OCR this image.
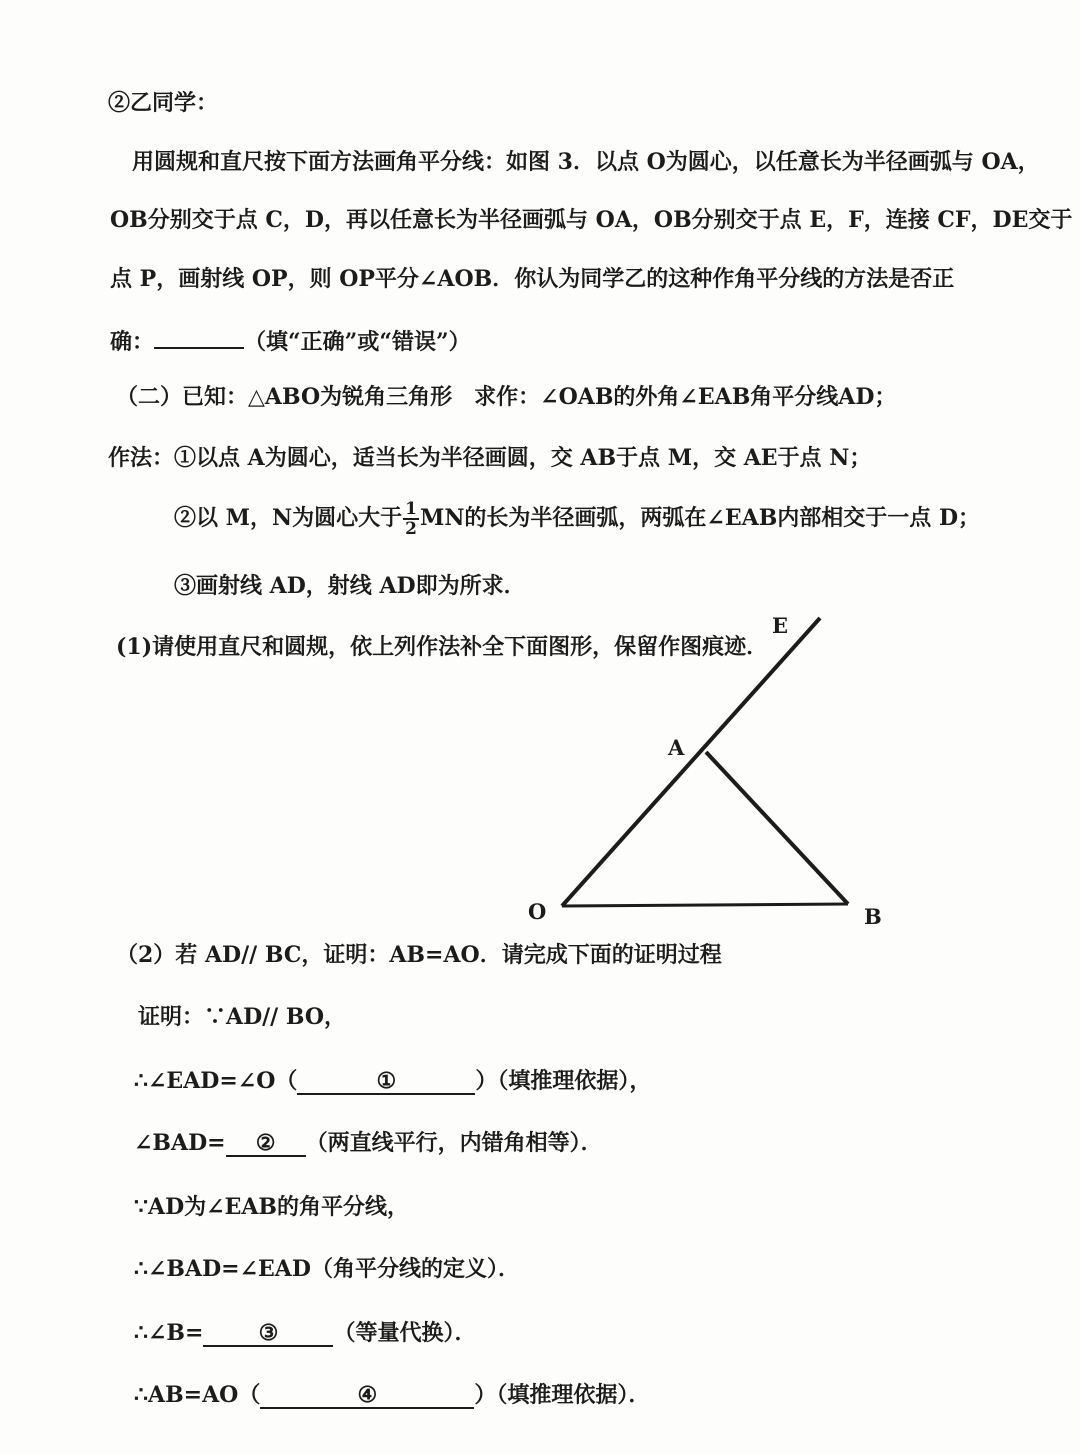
②乙同学：
用圆规和直尺按下面方法画角平分线：如图 3．以点 O为圆心，以任意长为半径画弧与 OA，
OB分别交于点 C，D，再以任意长为半径画弧与 OA，OB分别交于点 E，F，连接 CF，DE交于
点 P，画射线 OP，则 OP平分∠AOB．你认为同学乙的这种作角平分线的方法是否正
确：	（填“正确”或“错误”）
（二）已知：△ABO为锐角三角形　求作：∠OAB的外角∠EAB角平分线AD；
作法：①以点 A为圆心，适当长为半径画圆，交 AB于点 M，交 AE于点 N；
②以 M，N为圆心大于 $\frac{1}{2}$ MN的长为半径画弧，两弧在∠EAB内部相交于一点 D；
③画射线 AD，射线 AD即为所求．
(1)请使用直尺和圆规，依上列作法补全下面图形，保留作图痕迹．
E
A
O	B
（2）若 AD// BC，证明：AB=AO．请完成下面的证明过程
证明：∵AD// BO，
∴∠EAD=∠O（	①	）（填推理依据），
∠BAD= ② （两直线平行，内错角相等）．
∵AD为∠EAB的角平分线，
∴∠BAD=∠EAD（角平分线的定义）．
∴∠B=	③	（等量代换）．
∴AB=AO（	④	）（填推理依据）．
